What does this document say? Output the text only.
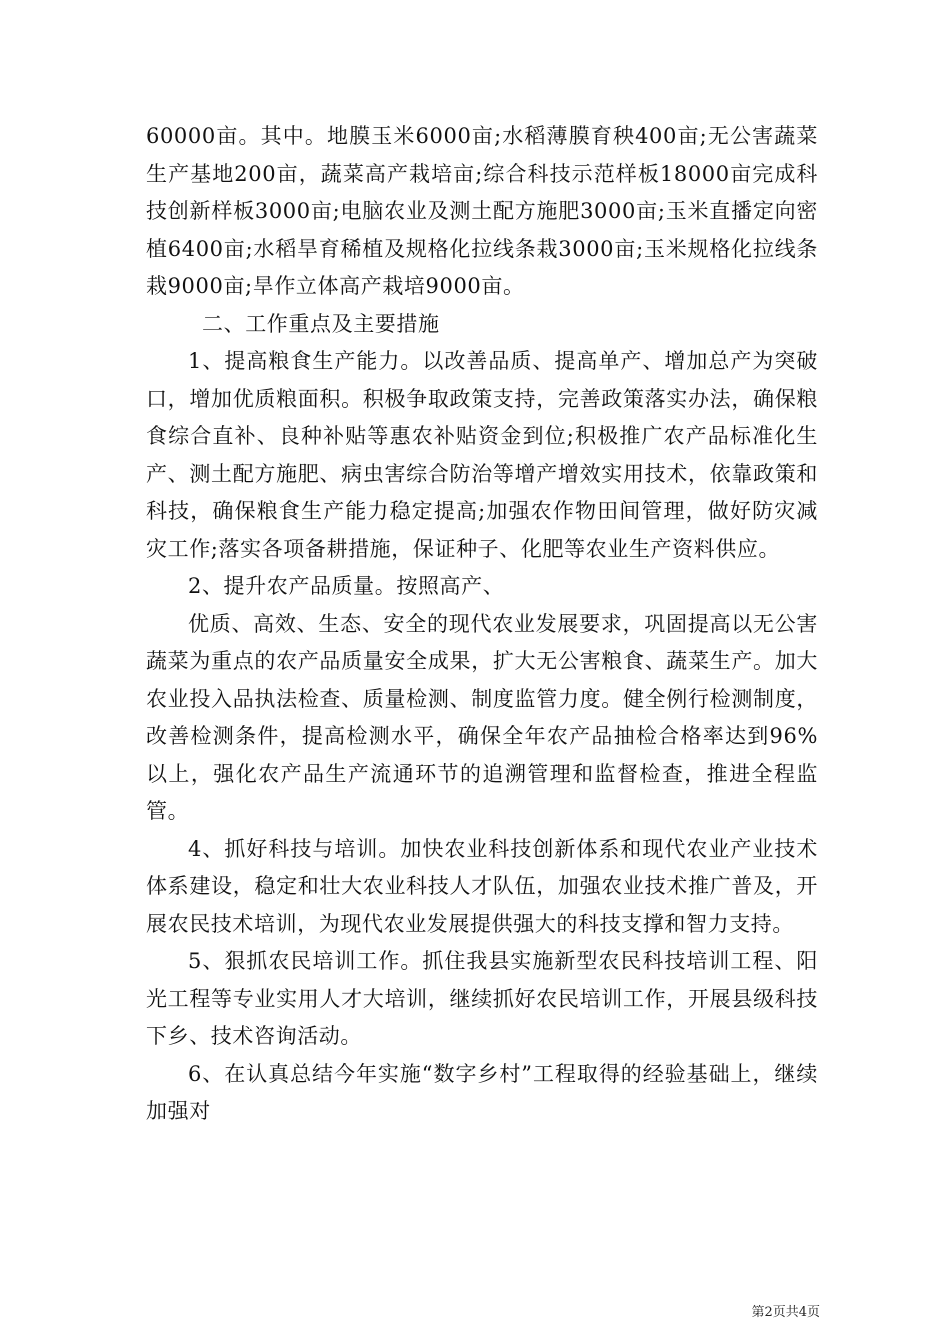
60000亩。其中。地膜玉米6000亩;水稻薄膜育秧400亩;无公害蔬菜生产基地200亩，蔬菜高产栽培亩;综合科技示范样板18000亩完成科技创新样板3000亩;电脑农业及测土配方施肥3000亩;玉米直播定向密植6400亩;水稻旱育稀植及规格化拉线条栽3000亩;玉米规格化拉线条栽9000亩;旱作立体高产栽培9000亩。

二、工作重点及主要措施

1、提高粮食生产能力。以改善品质、提高单产、增加总产为突破口，增加优质粮面积。积极争取政策支持，完善政策落实办法，确保粮食综合直补、良种补贴等惠农补贴资金到位;积极推广农产品标准化生产、测土配方施肥、病虫害综合防治等增产增效实用技术，依靠政策和科技，确保粮食生产能力稳定提高;加强农作物田间管理，做好防灾减灾工作;落实各项备耕措施，保证种子、化肥等农业生产资料供应。

2、提升农产品质量。按照高产、

优质、高效、生态、安全的现代农业发展要求，巩固提高以无公害蔬菜为重点的农产品质量安全成果，扩大无公害粮食、蔬菜生产。加大农业投入品执法检查、质量检测、制度监管力度。健全例行检测制度，改善检测条件，提高检测水平，确保全年农产品抽检合格率达到96%以上，强化农产品生产流通环节的追溯管理和监督检查，推进全程监管。

4、抓好科技与培训。加快农业科技创新体系和现代农业产业技术体系建设，稳定和壮大农业科技人才队伍，加强农业技术推广普及，开展农民技术培训，为现代农业发展提供强大的科技支撑和智力支持。

5、狠抓农民培训工作。抓住我县实施新型农民科技培训工程、阳光工程等专业实用人才大培训，继续抓好农民培训工作，开展县级科技下乡、技术咨询活动。

6、在认真总结今年实施“数字乡村”工程取得的经验基础上，继续加强对

第2页共4页
